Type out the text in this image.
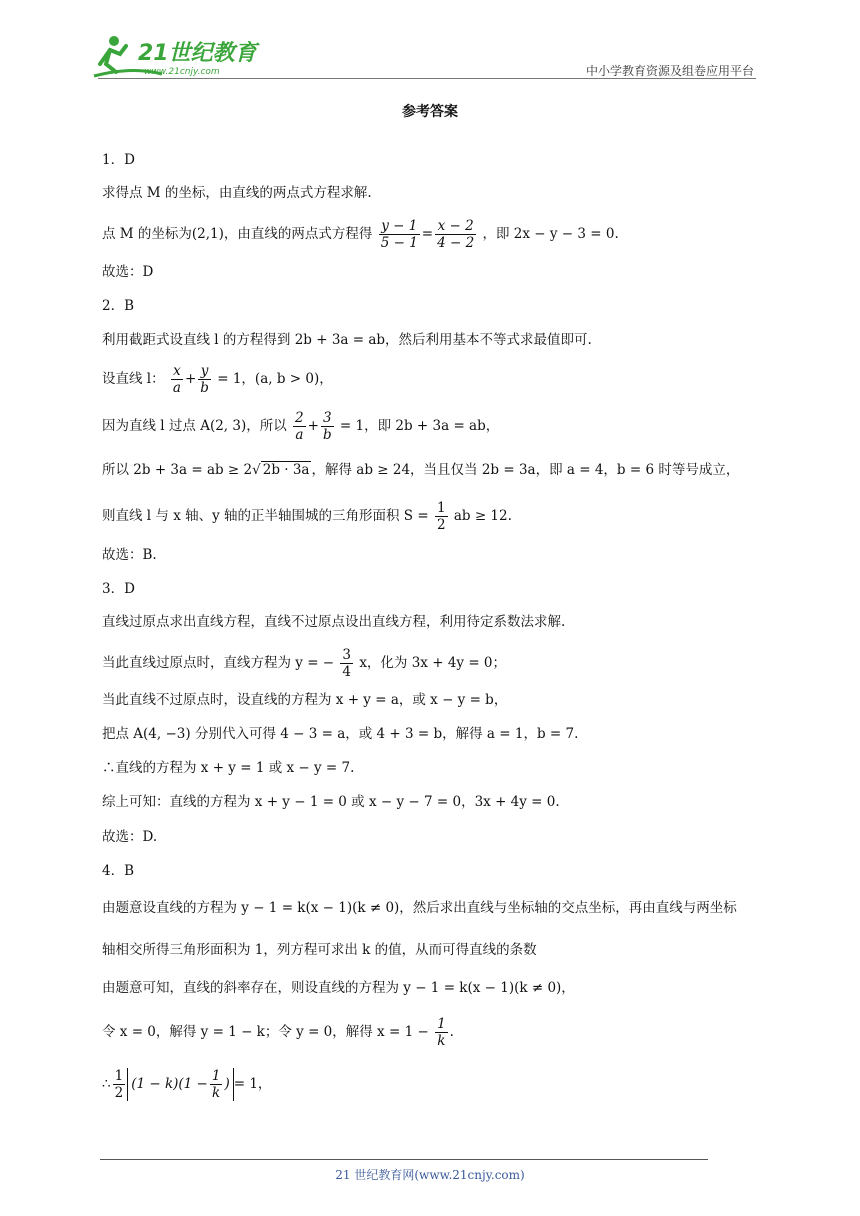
21世纪教育
www.21cnjy.com	中小学教育资源及组卷应用平台
参考答案
1．D
求得点 M 的坐标，由直线的两点式方程求解.
点 M 的坐标为(2,1)，由直线的两点式方程得 $\frac{y - 1}{5 - 1} = \frac{x - 2}{4 - 2}$ ，即 2x − y − 3 = 0.
故选：D
2．B
利用截距式设直线 l 的方程得到 2b + 3a = ab，然后利用基本不等式求最值即可.
设直线 l： $\frac{x}{a} + \frac{y}{b} = 1$，(a, b > 0)，
因为直线 l 过点 A(2, 3)，所以 $\frac{2}{a} + \frac{3}{b} = 1$，即 2b + 3a = ab，
所以 2b + 3a = ab ≥ 2√ 2b · 3a ，解得 ab ≥ 24，当且仅当 2b = 3a，即 a = 4，b = 6 时等号成立，
则直线 l 与 x 轴、y 轴的正半轴围城的三角形面积 $S = \frac{1}{2}$ ab ≥ 12.
故选：B.
3．D
直线过原点求出直线方程，直线不过原点设出直线方程，利用待定系数法求解.
当此直线过原点时，直线方程为 y = − $\frac{3}{4}$ x，化为 3x + 4y = 0；
当此直线不过原点时，设直线的方程为 x + y = a，或 x − y = b，
把点 A(4, −3) 分别代入可得 4 − 3 = a，或 4 + 3 = b，解得 a = 1，b = 7.
∴直线的方程为 x + y = 1 或 x − y = 7.
综上可知：直线的方程为 x + y − 1 = 0 或 x − y − 7 = 0，3x + 4y = 0.
故选：D.
4．B
由题意设直线的方程为 y − 1 = k(x − 1)(k ≠ 0)，然后求出直线与坐标轴的交点坐标，再由直线与两坐标
轴相交所得三角形面积为 1，列方程可求出 k 的值，从而可得直线的条数
由题意可知，直线的斜率存在，则设直线的方程为 y − 1 = k(x − 1)(k ≠ 0)，
令 x = 0，解得 y = 1 − k；令 y = 0，解得 $x = 1 - \frac{1}{k}$ .
∴ $\frac{1}{2} (1 - k)(1 - \frac{1}{k}$ ) = 1，
21 世纪教育网(www.21cnjy.com)
